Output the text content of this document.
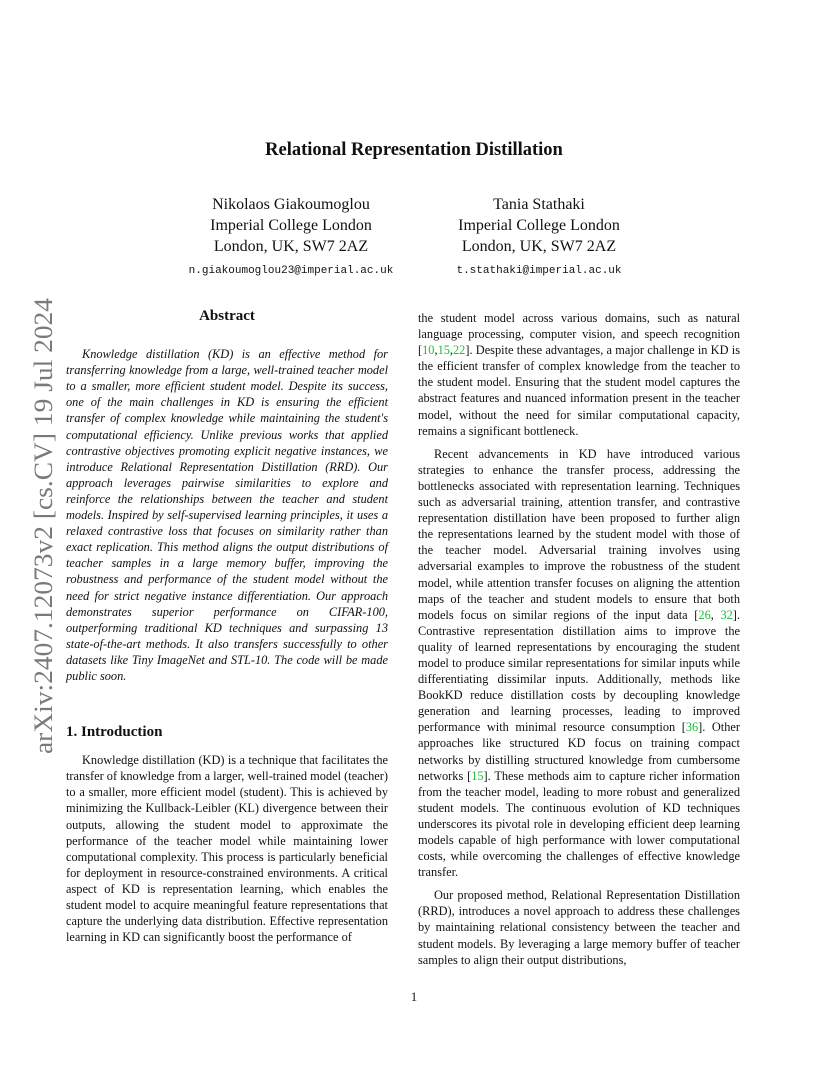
arXiv:2407.12073v2 [cs.CV] 19 Jul 2024
Relational Representation Distillation
Nikolaos Giakoumoglou
Imperial College London
London, UK, SW7 2AZ
n.giakoumoglou23@imperial.ac.uk
Tania Stathaki
Imperial College London
London, UK, SW7 2AZ
t.stathaki@imperial.ac.uk
Abstract

Knowledge distillation (KD) is an effective method for transferring knowledge from a large, well-trained teacher model to a smaller, more efficient student model. Despite its success, one of the main challenges in KD is ensuring the efficient transfer of complex knowledge while maintaining the student's computational efficiency. Unlike previous works that applied contrastive objectives promoting explicit negative instances, we introduce Relational Representation Distillation (RRD). Our approach leverages pairwise similarities to explore and reinforce the relationships between the teacher and student models. Inspired by self-supervised learning principles, it uses a relaxed contrastive loss that focuses on similarity rather than exact replication. This method aligns the output distributions of teacher samples in a large memory buffer, improving the robustness and performance of the student model without the need for strict negative instance differentiation. Our approach demonstrates superior performance on CIFAR-100, outperforming traditional KD techniques and surpassing 13 state-of-the-art methods. It also transfers successfully to other datasets like Tiny ImageNet and STL-10. The code will be made public soon.

1. Introduction

Knowledge distillation (KD) is a technique that facilitates the transfer of knowledge from a larger, well-trained model (teacher) to a smaller, more efficient model (student). This is achieved by minimizing the Kullback-Leibler (KL) divergence between their outputs, allowing the student model to approximate the performance of the teacher model while maintaining lower computational complexity. This process is particularly beneficial for deployment in resource-constrained environments. A critical aspect of KD is representation learning, which enables the student model to acquire meaningful feature representations that capture the underlying data distribution. Effective representation learning in KD can significantly boost the performance of

the student model across various domains, such as natural language processing, computer vision, and speech recognition [10,15,22]. Despite these advantages, a major challenge in KD is the efficient transfer of complex knowledge from the teacher to the student model. Ensuring that the student model captures the abstract features and nuanced information present in the teacher model, without the need for similar computational capacity, remains a significant bottleneck.

Recent advancements in KD have introduced various strategies to enhance the transfer process, addressing the bottlenecks associated with representation learning. Techniques such as adversarial training, attention transfer, and contrastive representation distillation have been proposed to further align the representations learned by the student model with those of the teacher model. Adversarial training involves using adversarial examples to improve the robustness of the student model, while attention transfer focuses on aligning the attention maps of the teacher and student models to ensure that both models focus on similar regions of the input data [26, 32]. Contrastive representation distillation aims to improve the quality of learned representations by encouraging the student model to produce similar representations for similar inputs while differentiating dissimilar inputs. Additionally, methods like BookKD reduce distillation costs by decoupling knowledge generation and learning processes, leading to improved performance with minimal resource consumption [36]. Other approaches like structured KD focus on training compact networks by distilling structured knowledge from cumbersome networks [15]. These methods aim to capture richer information from the teacher model, leading to more robust and generalized student models. The continuous evolution of KD techniques underscores its pivotal role in developing efficient deep learning models capable of high performance with lower computational costs, while overcoming the challenges of effective knowledge transfer.

Our proposed method, Relational Representation Distillation (RRD), introduces a novel approach to address these challenges by maintaining relational consistency between the teacher and student models. By leveraging a large memory buffer of teacher samples to align their output distributions,

1
